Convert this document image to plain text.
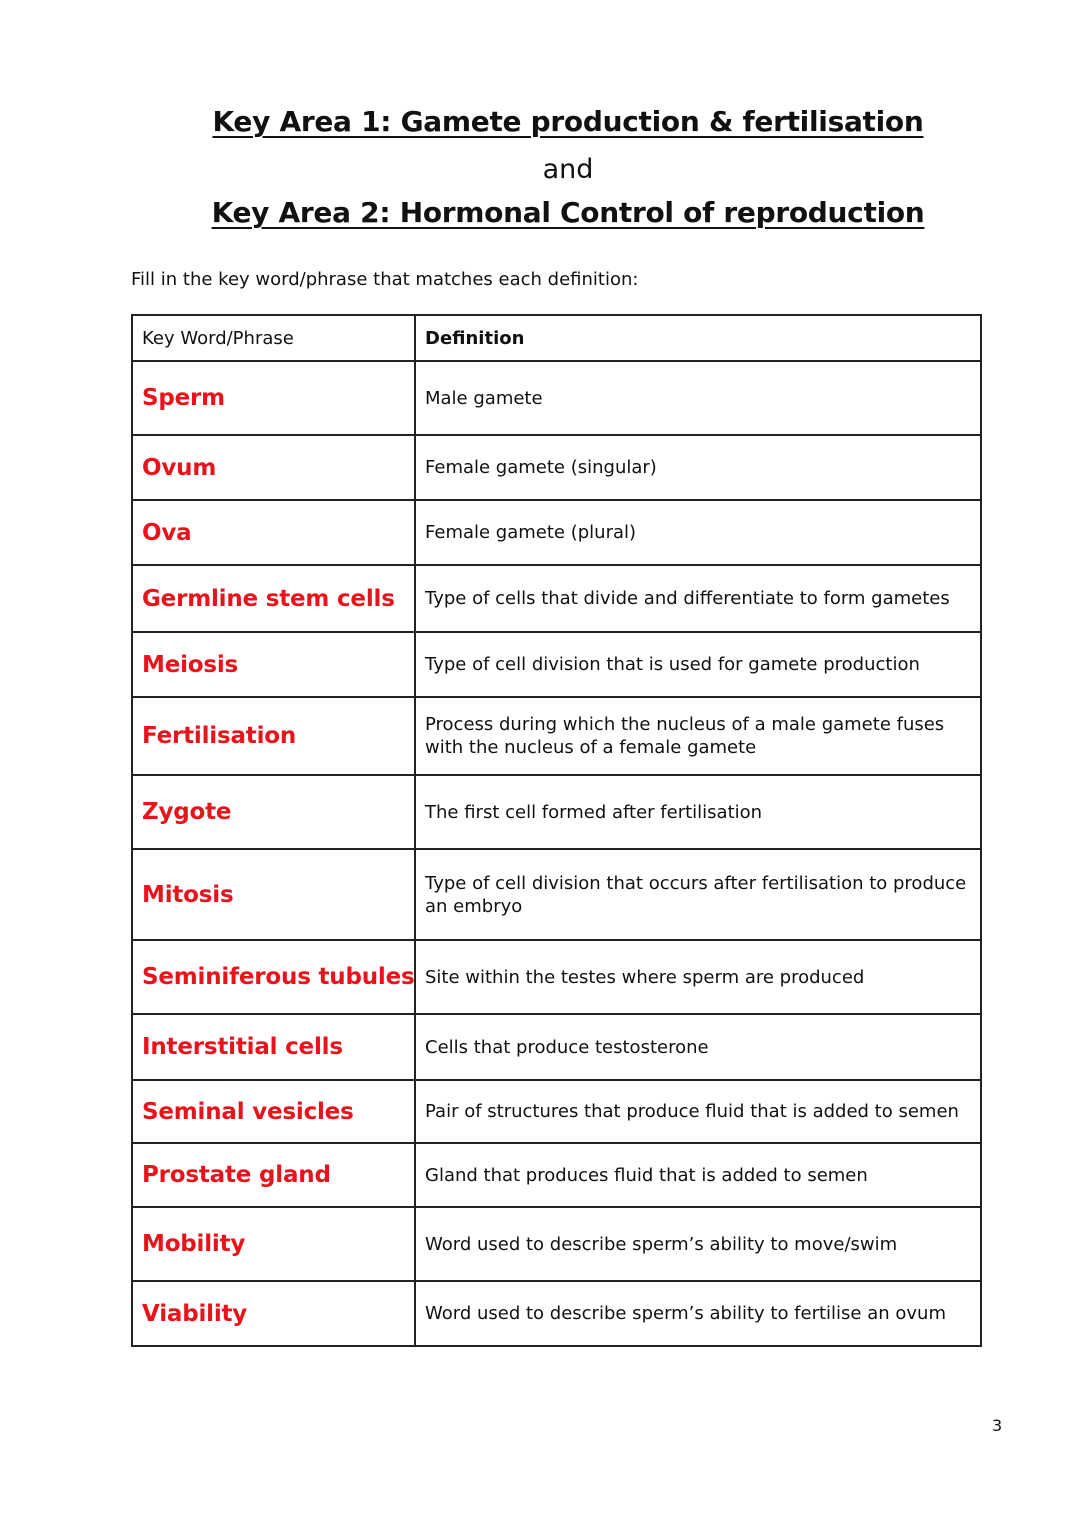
Key Area 1: Gamete production & fertilisation
and
Key Area 2: Hormonal Control of reproduction
Fill in the key word/phrase that matches each definition:
Key Word/Phrase	Definition
Sperm	Male gamete
Ovum	Female gamete (singular)
Ova	Female gamete (plural)
Germline stem cells	Type of cells that divide and differentiate to form gametes
Meiosis	Type of cell division that is used for gamete production
Fertilisation	Process during which the nucleus of a male gamete fuses with the nucleus of a female gamete
Zygote	The first cell formed after fertilisation
Mitosis	Type of cell division that occurs after fertilisation to produce an embryo
Seminiferous tubules	Site within the testes where sperm are produced
Interstitial cells	Cells that produce testosterone
Seminal vesicles	Pair of structures that produce fluid that is added to semen
Prostate gland	Gland that produces fluid that is added to semen
Mobility	Word used to describe sperm’s ability to move/swim
Viability	Word used to describe sperm’s ability to fertilise an ovum
3
